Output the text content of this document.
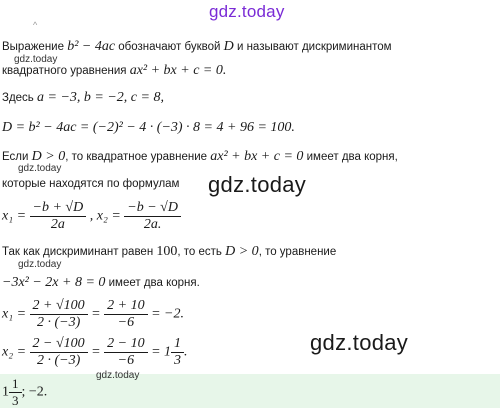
^
gdz.today
Выражение b² − 4ac обозначают буквой D и называют дискриминантом
gdz.today
квадратного уравнения ax² + bx + c = 0.
Здесь a = −3, b = −2, c = 8,
D = b² − 4ac = (−2)² − 4 · (−3) · 8 = 4 + 96 = 100.
Если D > 0, то квадратное уравнение ax² + bx + c = 0 имеет два корня,
gdz.today
которые находятся по формулам gdz.today
$x_1 = \frac{-b + √D}{2a}$ , $x_2 = \frac{-b - √D}{2a.}$
Так как дискриминант равен 100, то есть D > 0, то уравнение
gdz.today
−3x² − 2x + 8 = 0 имеет два корня.
$x_1 = \frac{2 + √100}{2 \cdot (-3)} = \frac{2 + 10}{-6} = -2$.
gdz.today
$x_2 = \frac{2 - √100}{2 \cdot (-3)} = \frac{2 - 10}{-6} = 1 \frac{1}{3}$ .
$1 \frac{1}{3}$ ; −2.
gdz.today
